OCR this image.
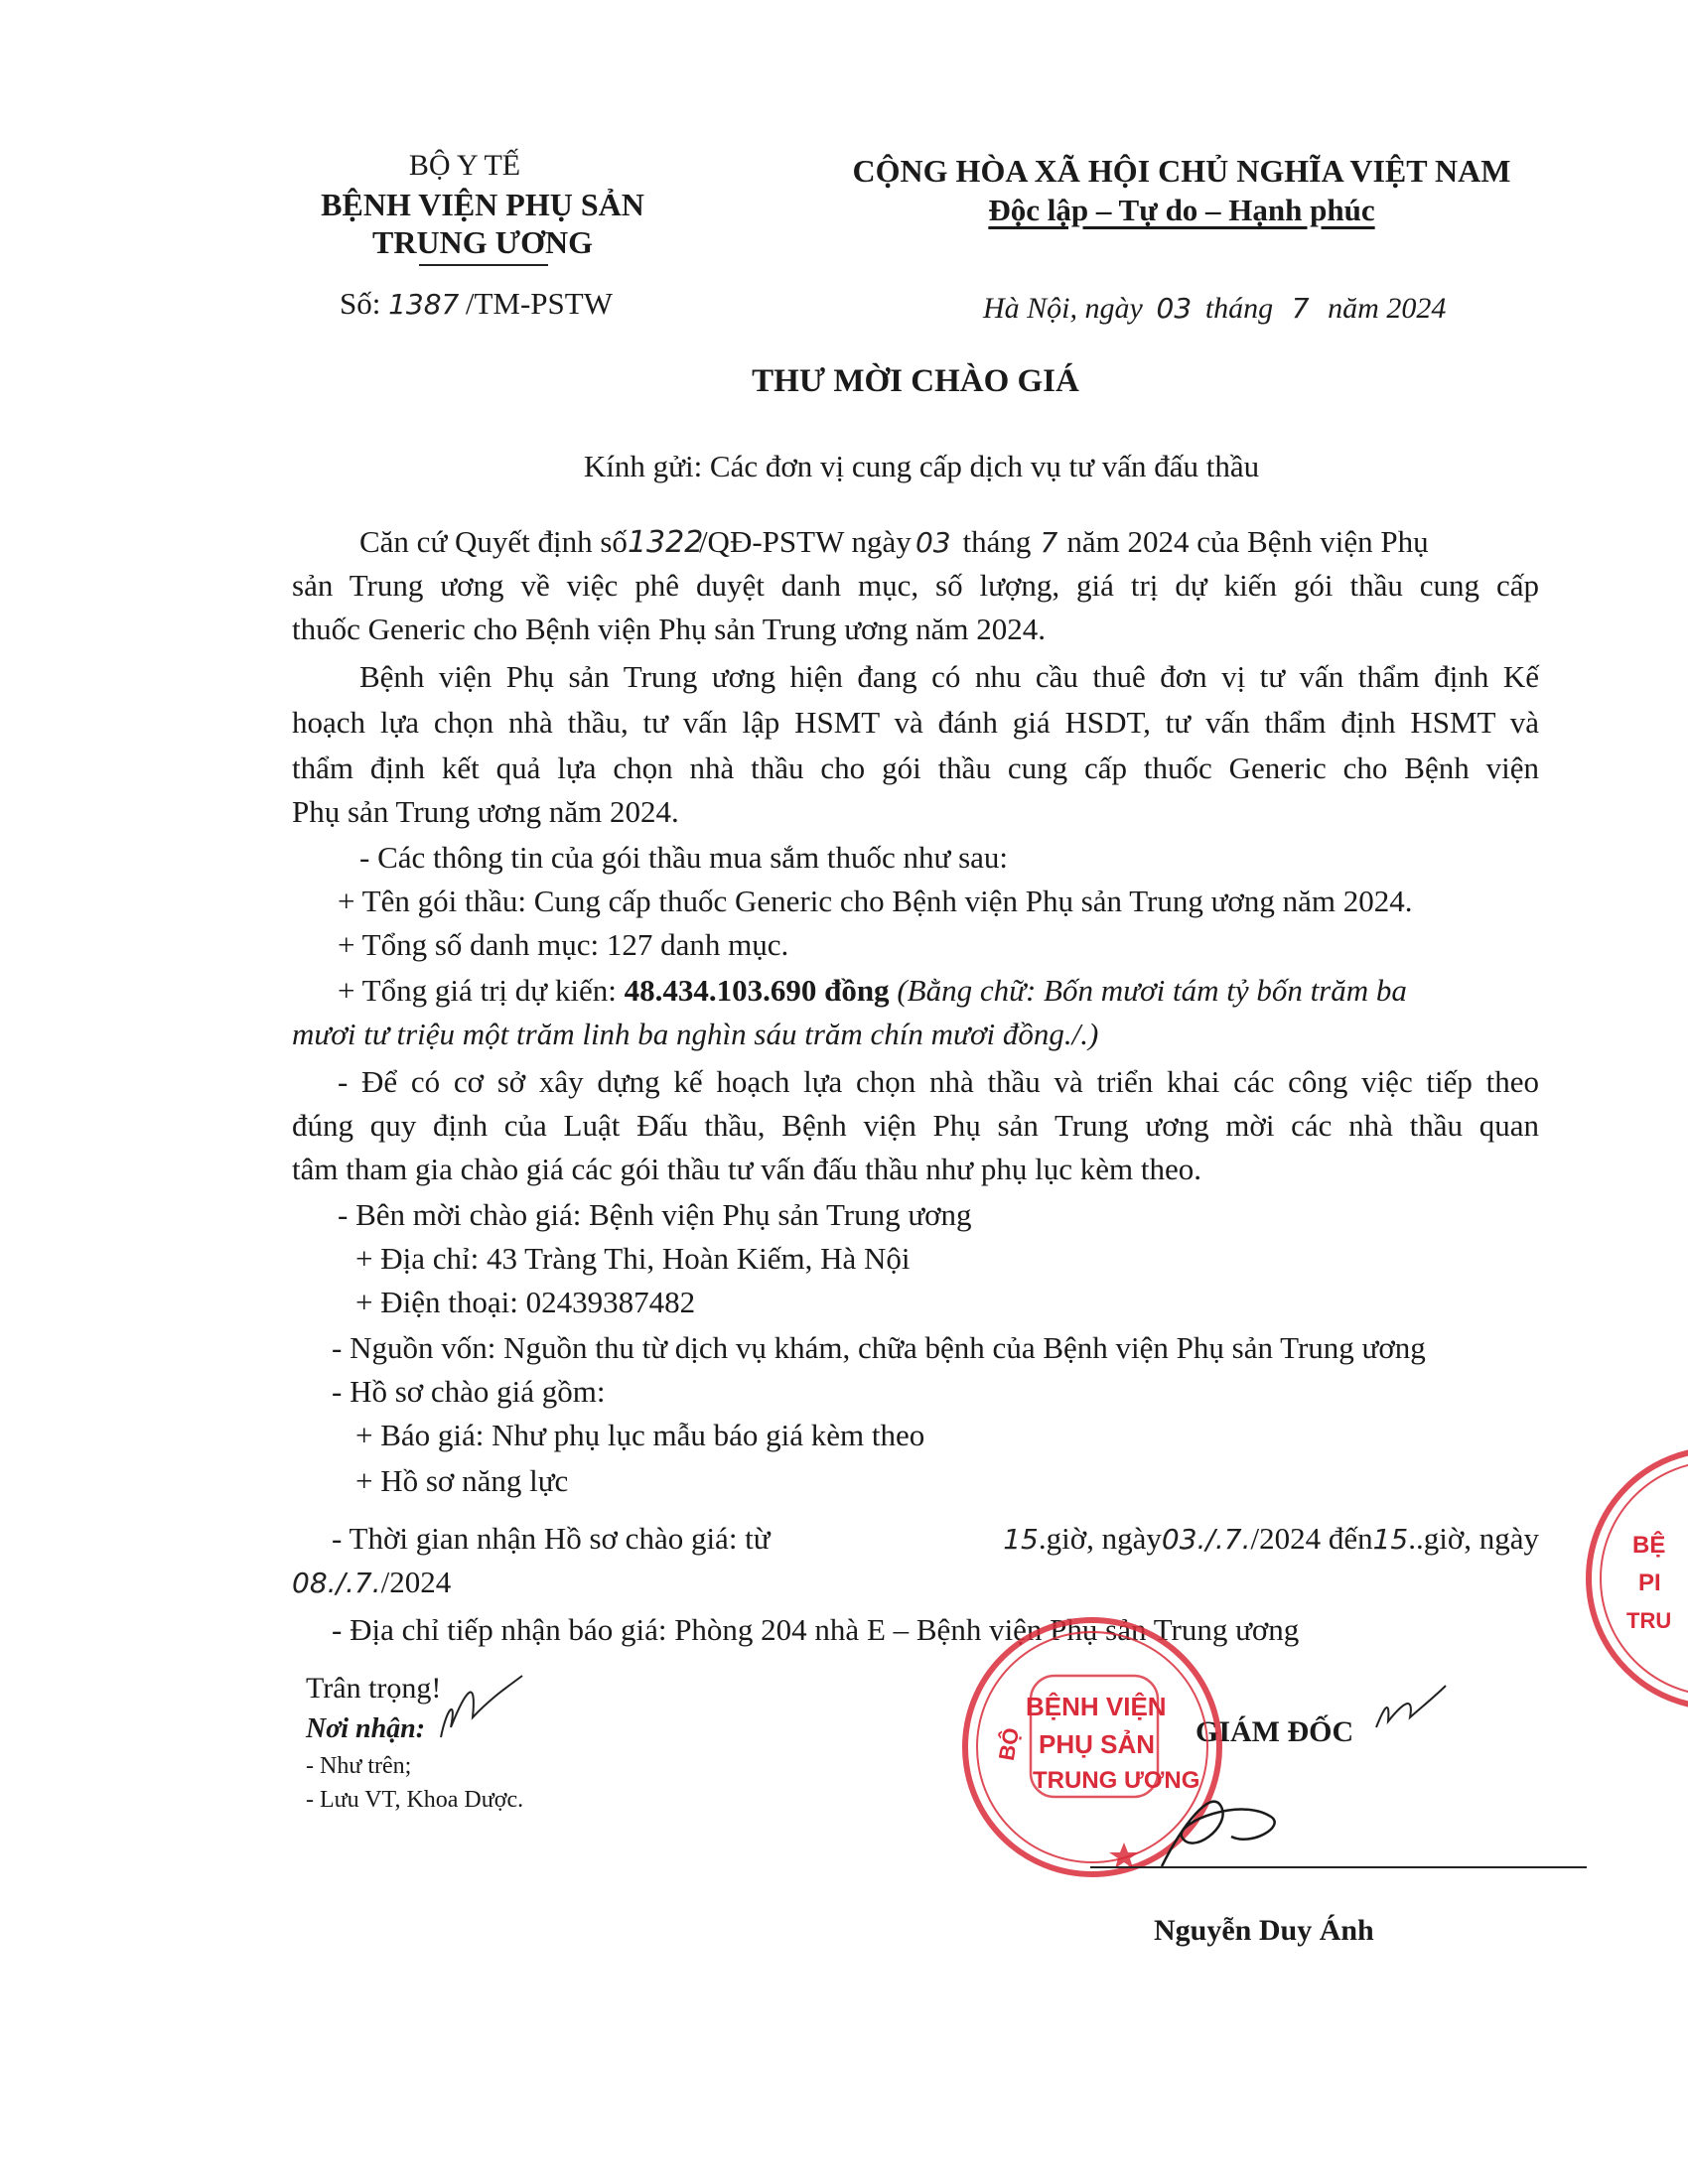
BỘ Y TẾ
BỆNH VIỆN PHỤ SẢN
TRUNG ƯƠNG
Số: 1387 /TM-PSTW
CỘNG HÒA XÃ HỘI CHỦ NGHĨA VIỆT NAM
Độc lập – Tự do – Hạnh phúc
Hà Nội, ngày 03 tháng 7 năm 2024
THƯ MỜI CHÀO GIÁ
Kính gửi: Các đơn vị cung cấp dịch vụ tư vấn đấu thầu
Căn cứ Quyết định số1322/QĐ-PSTW ngày 03 tháng 7 năm 2024 của Bệnh viện Phụ
sản Trung ương về việc phê duyệt danh mục, số lượng, giá trị dự kiến gói thầu cung cấp
thuốc Generic cho Bệnh viện Phụ sản Trung ương năm 2024.
Bệnh viện Phụ sản Trung ương hiện đang có nhu cầu thuê đơn vị tư vấn thẩm định Kế
hoạch lựa chọn nhà thầu, tư vấn lập HSMT và đánh giá HSDT, tư vấn thẩm định HSMT và
thẩm định kết quả lựa chọn nhà thầu cho gói thầu cung cấp thuốc Generic cho Bệnh viện
Phụ sản Trung ương năm 2024.
- Các thông tin của gói thầu mua sắm thuốc như sau:
+ Tên gói thầu: Cung cấp thuốc Generic cho Bệnh viện Phụ sản Trung ương năm 2024.
+ Tổng số danh mục: 127 danh mục.
+ Tổng giá trị dự kiến: 48.434.103.690 đồng (Bằng chữ: Bốn mươi tám tỷ bốn trăm ba
mươi tư triệu một trăm linh ba nghìn sáu trăm chín mươi đồng./.)
- Để có cơ sở xây dựng kế hoạch lựa chọn nhà thầu và triển khai các công việc tiếp theo
đúng quy định của Luật Đấu thầu, Bệnh viện Phụ sản Trung ương mời các nhà thầu quan
tâm tham gia chào giá các gói thầu tư vấn đấu thầu như phụ lục kèm theo.
- Bên mời chào giá: Bệnh viện Phụ sản Trung ương
+ Địa chỉ: 43 Tràng Thi, Hoàn Kiếm, Hà Nội
+ Điện thoại: 02439387482
- Nguồn vốn: Nguồn thu từ dịch vụ khám, chữa bệnh của Bệnh viện Phụ sản Trung ương
- Hồ sơ chào giá gồm:
+ Báo giá: Như phụ lục mẫu báo giá kèm theo
+ Hồ sơ năng lực
- Thời gian nhận Hồ sơ chào giá: từ	15.giờ, ngày03./.7./2024 đến15..giờ, ngày
08./.7./2024
- Địa chỉ tiếp nhận báo giá: Phòng 204 nhà E – Bệnh viện Phụ sản Trung ương
Trân trọng!
Nơi nhận:
- Như trên;
- Lưu VT, Khoa Dược.
GIÁM ĐỐC
Nguyễn Duy Ánh
BỆNH VIỆN
PHỤ SẢN
TRUNG ƯƠNG
BỘ
BỆ
PI
TRU
